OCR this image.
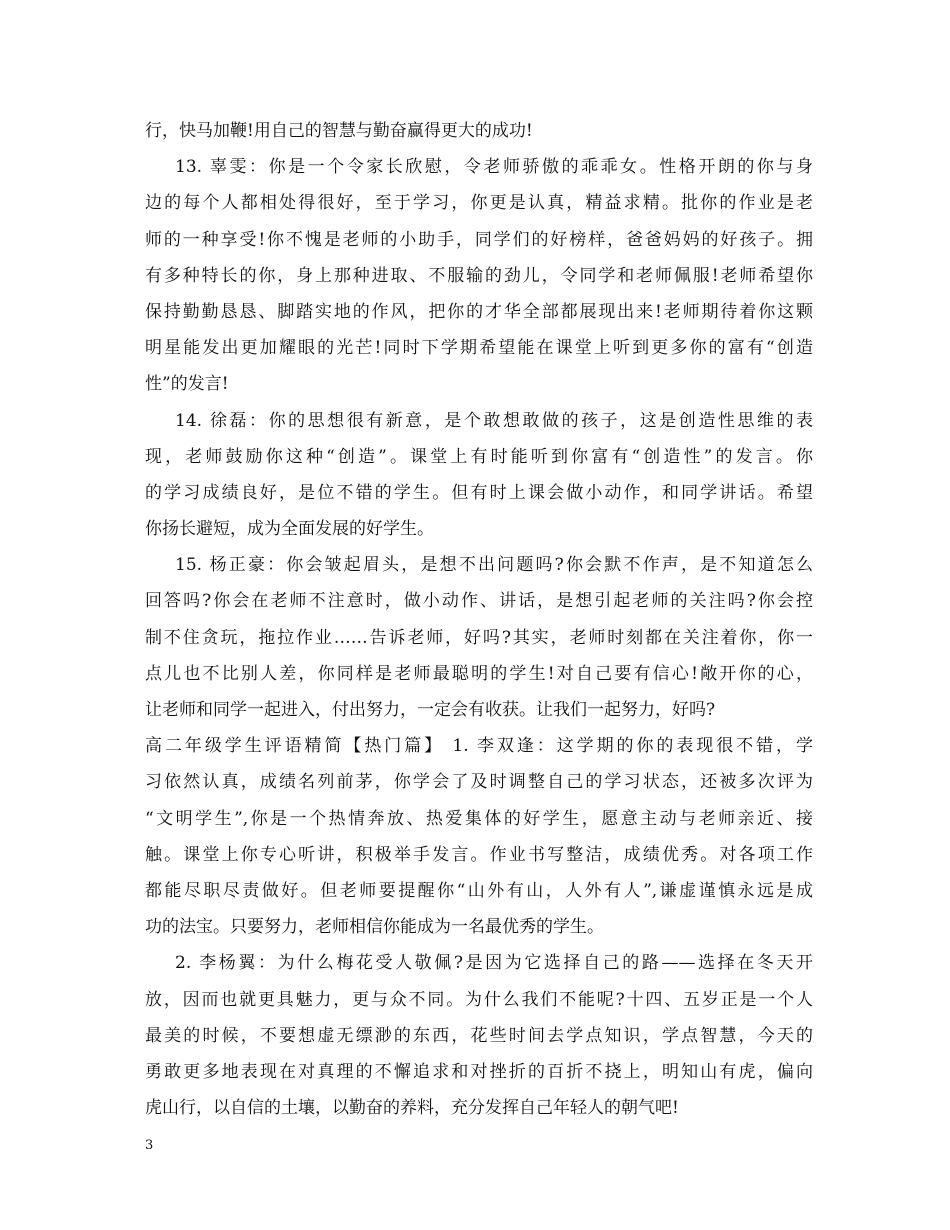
行，快马加鞭!用自己的智慧与勤奋赢得更大的成功!
13. 辜雯：你是一个令家长欣慰，令老师骄傲的乖乖女。性格开朗的你与身
边的每个人都相处得很好，至于学习，你更是认真，精益求精。批你的作业是老
师的一种享受!你不愧是老师的小助手，同学们的好榜样，爸爸妈妈的好孩子。拥
有多种特长的你，身上那种进取、不服输的劲儿，令同学和老师佩服!老师希望你
保持勤勤恳恳、脚踏实地的作风，把你的才华全部都展现出来!老师期待着你这颗
明星能发出更加耀眼的光芒!同时下学期希望能在课堂上听到更多你的富有“创造
性”的发言!
14. 徐磊：你的思想很有新意，是个敢想敢做的孩子，这是创造性思维的表
现，老师鼓励你这种“创造”。课堂上有时能听到你富有“创造性”的发言。你
的学习成绩良好，是位不错的学生。但有时上课会做小动作，和同学讲话。希望
你扬长避短，成为全面发展的好学生。
15. 杨正豪：你会皱起眉头，是想不出问题吗?你会默不作声，是不知道怎么
回答吗?你会在老师不注意时，做小动作、讲话，是想引起老师的关注吗?你会控
制不住贪玩，拖拉作业……告诉老师，好吗?其实，老师时刻都在关注着你，你一
点儿也不比别人差，你同样是老师最聪明的学生!对自己要有信心!敞开你的心，
让老师和同学一起进入，付出努力，一定会有收获。让我们一起努力，好吗?
高二年级学生评语精简【热门篇】 1. 李双逢：这学期的你的表现很不错，学
习依然认真，成绩名列前茅，你学会了及时调整自己的学习状态，还被多次评为
“文明学生”,你是一个热情奔放、热爱集体的好学生，愿意主动与老师亲近、接
触。课堂上你专心听讲，积极举手发言。作业书写整洁，成绩优秀。对各项工作
都能尽职尽责做好。但老师要提醒你“山外有山，人外有人”,谦虚谨慎永远是成
功的法宝。只要努力，老师相信你能成为一名最优秀的学生。
2. 李杨翼：为什么梅花受人敬佩?是因为它选择自己的路——选择在冬天开
放，因而也就更具魅力，更与众不同。为什么我们不能呢?十四、五岁正是一个人
最美的时候，不要想虚无缥渺的东西，花些时间去学点知识，学点智慧，今天的
勇敢更多地表现在对真理的不懈追求和对挫折的百折不挠上，明知山有虎，偏向
虎山行，以自信的土壤，以勤奋的养料，充分发挥自己年轻人的朝气吧!
3
